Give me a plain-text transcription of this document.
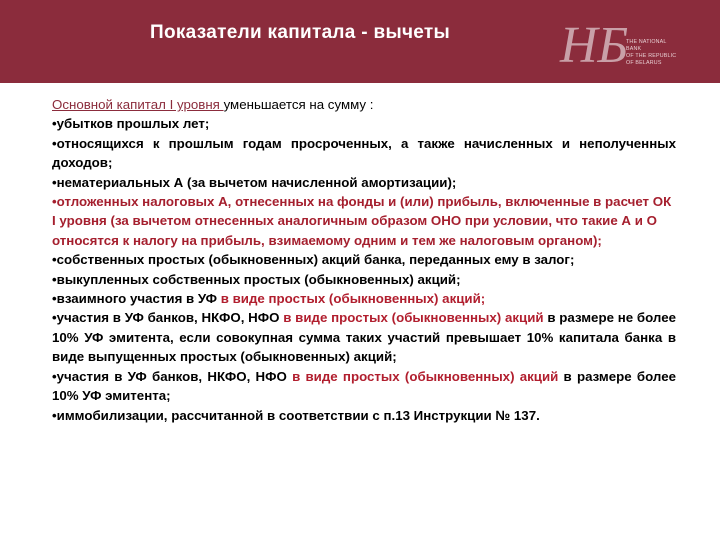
Показатели капитала - вычеты НБ
THE NATIONAL
BANK
OF THE REPUBLIC
OF BELARUS
Основной капитал I уровня уменьшается на сумму :
•убытков прошлых лет;
•относящихся к прошлым годам просроченных, а также начисленных и неполученных доходов;
•нематериальных А (за вычетом начисленной амортизации);
•отложенных налоговых А, отнесенных на фонды и (или) прибыль, включенные в расчет ОК I уровня (за вычетом отнесенных аналогичным образом ОНО при условии, что такие А и О относятся к налогу на прибыль, взимаемому одним и тем же налоговым органом);
•собственных простых (обыкновенных) акций банка, переданных ему в залог;
•выкупленных собственных простых (обыкновенных) акций;
•взаимного участия в УФ в виде простых (обыкновенных) акций;
•участия в УФ банков, НКФО, НФО в виде простых (обыкновенных) акций в размере не более 10% УФ эмитента, если совокупная сумма таких участий превышает 10% капитала банка в виде выпущенных простых (обыкновенных) акций;
•участия в УФ банков, НКФО, НФО в виде простых (обыкновенных) акций в размере более 10% УФ эмитента;
•иммобилизации, рассчитанной в соответствии с п.13 Инструкции № 137.
